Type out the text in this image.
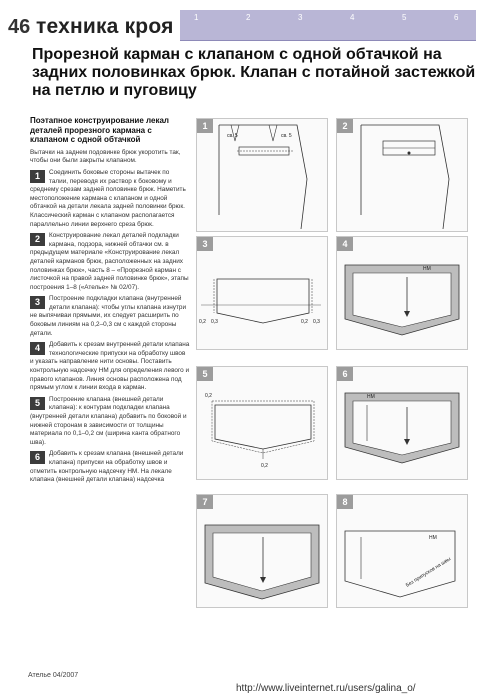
46 техника кроя	1	2	3	4	5	6
Прорезной карман с клапаном с одной обтачкой на задних половинках брюк. Клапан с потайной застежкой на петлю и пуговицу
Поэтапное конструирование лекал деталей прорезного кармана с клапаном с одной обтачкой

Вытачки на заднем подовинке брюк укоротить так, чтобы они были закрыты клапаном.

1	Соединить боковые стороны вытачек по талии, переводя их раствор к боковому и среднему срезам задней половинке брюк. Наметить местоположение кармана с клапаном и одной обтачкой на детали лекала задней половинки брюк. Классический карман с клапаном располагается параллельно линии верхнего среза брюк.
2	Конструирование лекал деталей подкладки кармана, подзора, нижней обтачки см. в предыдущем материале «Конструирование лекал деталей карманов брюк, расположенных на задних половинках брюк», часть 8 – «Прорезной карман с листочкой на правой задней половинке брюк», этапы построения 1–8 («Ателье» № 02/07).
3	Построение подкладки клапана (внутренней детали клапана): чтобы углы клапана изнутри не выпячиваи прямыми, их следует расширить по боковым линиям на 0,2–0,3 см с каждой стороны детали.
4	Добавить к срезам внутренней детали клапана технологические припуски на обработку швов и указать направление нити основы. Поставить контрольную надсечку НМ для определения левого и правого клапанов. Линия основы расположена под прямым углом к линии входа в карман.
5	Построение клапана (внешней детали клапана): к контурам подкладки клапана (внутренней детали клапана) добавить по боковой и нижней сторонам в зависимости от толщины материала по 0,1–0,2 см (ширина канта обратного шва).
6	Добавить к срезам клапана (внешней детали клапана) припуски на обработку швов и отметить контрольную надсечку НМ. На лекале клапана (внешней детали клапана) надсечка
1
св. 5	св. 5
2
3
0,2 0,3	0,2 0,3
4
НМ
5
0,2
0,2
6
НМ
7	8
НМ
Без припусков на швы
Ателье 04/2007
http://www.liveinternet.ru/users/galina_o/
